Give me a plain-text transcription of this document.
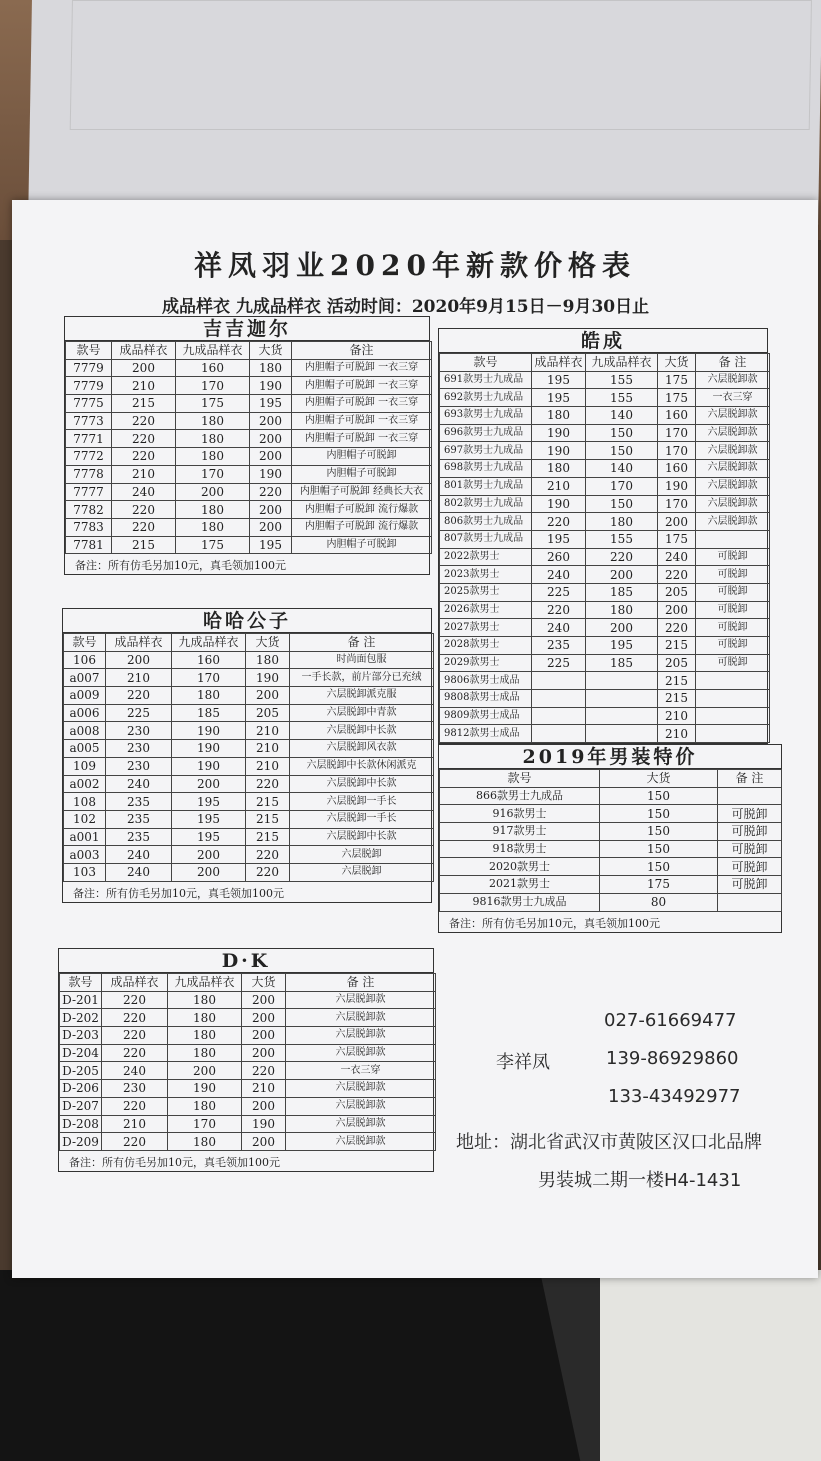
祥凤羽业2020年新款价格表
成品样衣 九成品样衣 活动时间：2020年9月15日－9月30日止
吉吉迦尔
款号	成品样衣	九成品样衣	大货	备注
7779	200	160	180	内胆帽子可脱卸 一衣三穿
7779	210	170	190	内胆帽子可脱卸 一衣三穿
7775	215	175	195	内胆帽子可脱卸 一衣三穿
7773	220	180	200	内胆帽子可脱卸 一衣三穿
7771	220	180	200	内胆帽子可脱卸 一衣三穿
7772	220	180	200	内胆帽子可脱卸
7778	210	170	190	内胆帽子可脱卸
7777	240	200	220	内胆帽子可脱卸 经典长大衣
7782	220	180	200	内胆帽子可脱卸 流行爆款
7783	220	180	200	内胆帽子可脱卸 流行爆款
7781	215	175	195	内胆帽子可脱卸
备注：所有仿毛另加10元，真毛领加100元
哈哈公子
款号	成品样衣	九成品样衣	大货	备 注
106	200	160	180	时尚面包服
a007	210	170	190	一手长款，前片部分已充绒
a009	220	180	200	六层脱卸派克服
a006	225	185	205	六层脱卸中青款
a008	230	190	210	六层脱卸中长款
a005	230	190	210	六层脱卸风衣款
109	230	190	210	六层脱卸中长款休闲派克
a002	240	200	220	六层脱卸中长款
108	235	195	215	六层脱卸一手长
102	235	195	215	六层脱卸一手长
a001	235	195	215	六层脱卸中长款
a003	240	200	220	六层脱卸
103	240	200	220	六层脱卸
备注：所有仿毛另加10元，真毛领加100元
D·K
款号	成品样衣	九成品样衣	大货	备 注
D-201	220	180	200	六层脱卸款
D-202	220	180	200	六层脱卸款
D-203	220	180	200	六层脱卸款
D-204	220	180	200	六层脱卸款
D-205	240	200	220	一衣三穿
D-206	230	190	210	六层脱卸款
D-207	220	180	200	六层脱卸款
D-208	210	170	190	六层脱卸款
D-209	220	180	200	六层脱卸款
备注：所有仿毛另加10元，真毛领加100元
皓成
款号	成品样衣	九成品样衣	大货	备 注
691款男士九成品	195	155	175	六层脱卸款
692款男士九成品	195	155	175	一衣三穿
693款男士九成品	180	140	160	六层脱卸款
696款男士九成品	190	150	170	六层脱卸款
697款男士九成品	190	150	170	六层脱卸款
698款男士九成品	180	140	160	六层脱卸款
801款男士九成品	210	170	190	六层脱卸款
802款男士九成品	190	150	170	六层脱卸款
806款男士九成品	220	180	200	六层脱卸款
807款男士九成品	195	155	175	
2022款男士	260	220	240	可脱卸
2023款男士	240	200	220	可脱卸
2025款男士	225	185	205	可脱卸
2026款男士	220	180	200	可脱卸
2027款男士	240	200	220	可脱卸
2028款男士	235	195	215	可脱卸
2029款男士	225	185	205	可脱卸
9806款男士成品			215	
9808款男士成品			215	
9809款男士成品			210	
9812款男士成品			210	
2019年男装特价
款号	大货	备 注
866款男士九成品	150	
916款男士	150	可脱卸
917款男士	150	可脱卸
918款男士	150	可脱卸
2020款男士	150	可脱卸
2021款男士	175	可脱卸
9816款男士九成品	80	
备注：所有仿毛另加10元，真毛领加100元
027-61669477
李祥凤	139-86929860
133-43492977
地址：湖北省武汉市黄陂区汉口北品牌
男装城二期一楼H4-1431
